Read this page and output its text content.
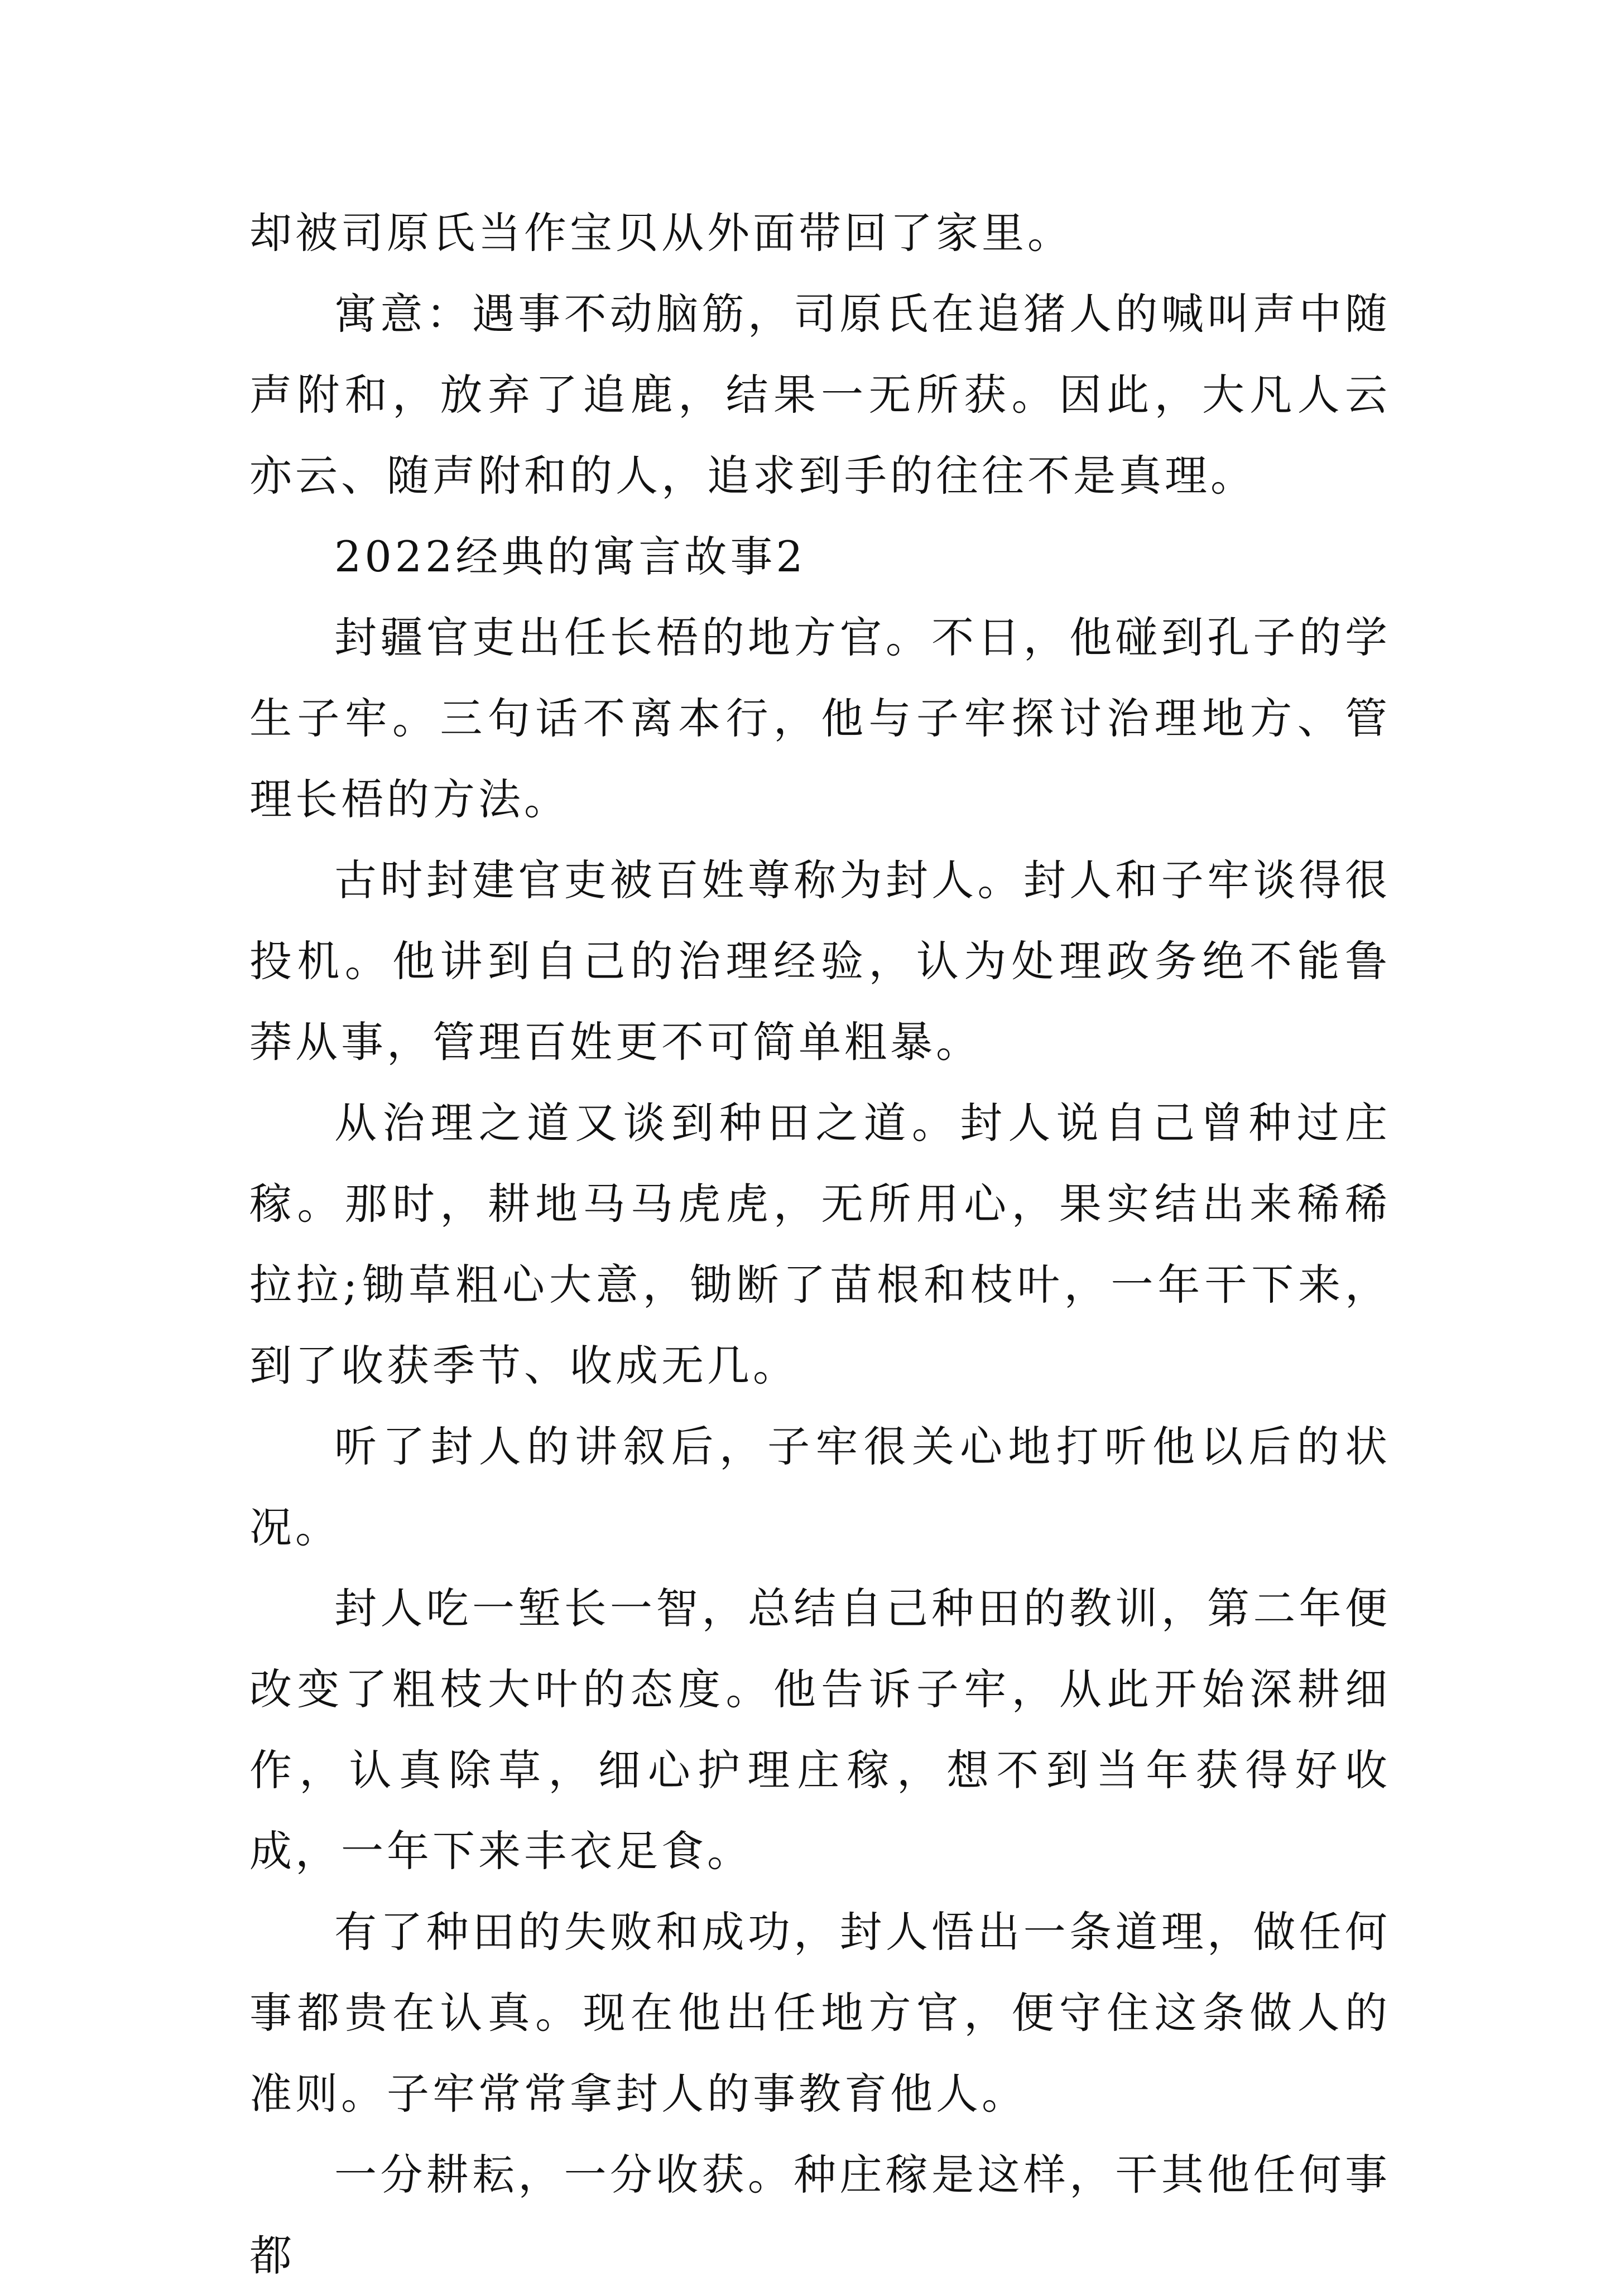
却被司原氏当作宝贝从外面带回了家里。

寓意：遇事不动脑筋，司原氏在追猪人的喊叫声中随声附和，放弃了追鹿，结果一无所获。因此，大凡人云亦云、随声附和的人，追求到手的往往不是真理。

2022经典的寓言故事2

封疆官吏出任长梧的地方官。不日，他碰到孔子的学生子牢。三句话不离本行，他与子牢探讨治理地方、管理长梧的方法。

古时封建官吏被百姓尊称为封人。封人和子牢谈得很投机。他讲到自己的治理经验，认为处理政务绝不能鲁莽从事，管理百姓更不可简单粗暴。

从治理之道又谈到种田之道。封人说自己曾种过庄稼。那时，耕地马马虎虎，无所用心，果实结出来稀稀拉拉;锄草粗心大意，锄断了苗根和枝叶，一年干下来，到了收获季节、收成无几。

听了封人的讲叙后，子牢很关心地打听他以后的状况。

封人吃一堑长一智，总结自己种田的教训，第二年便改变了粗枝大叶的态度。他告诉子牢，从此开始深耕细作，认真除草，细心护理庄稼，想不到当年获得好收成，一年下来丰衣足食。

有了种田的失败和成功，封人悟出一条道理，做任何事都贵在认真。现在他出任地方官，便守住这条做人的准则。子牢常常拿封人的事教育他人。

一分耕耘，一分收获。种庄稼是这样，干其他任何事都
